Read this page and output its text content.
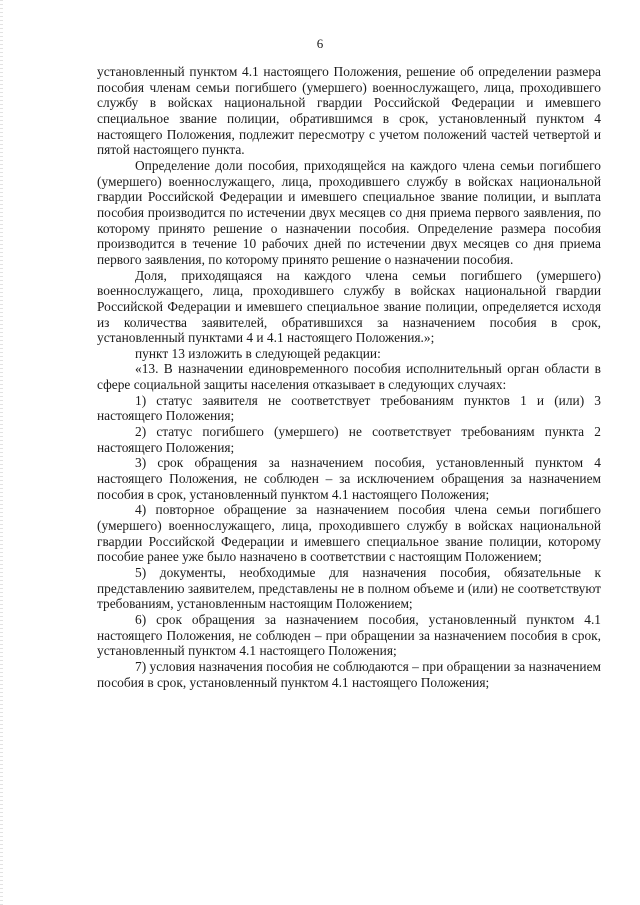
6

установленный пунктом 4.1 настоящего Положения, решение об определении размера пособия членам семьи погибшего (умершего) военнослужащего, лица, проходившего службу в войсках национальной гвардии Российской Федерации и имевшего специальное звание полиции, обратившимся в срок, установленный пунктом 4 настоящего Положения, подлежит пересмотру с учетом положений частей четвертой и пятой настоящего пункта.

Определение доли пособия, приходящейся на каждого члена семьи погибшего (умершего) военнослужащего, лица, проходившего службу в войсках национальной гвардии Российской Федерации и имевшего специальное звание полиции, и выплата пособия производится по истечении двух месяцев со дня приема первого заявления, по которому принято решение о назначении пособия. Определение размера пособия производится в течение 10 рабочих дней по истечении двух месяцев со дня приема первого заявления, по которому принято решение о назначении пособия.

Доля, приходящаяся на каждого члена семьи погибшего (умершего) военнослужащего, лица, проходившего службу в войсках национальной гвардии Российской Федерации и имевшего специальное звание полиции, определяется исходя из количества заявителей, обратившихся за назначением пособия в срок, установленный пунктами 4 и 4.1 настоящего Положения.»;

пункт 13 изложить в следующей редакции:

«13. В назначении единовременного пособия исполнительный орган области в сфере социальной защиты населения отказывает в следующих случаях:

1) статус заявителя не соответствует требованиям пунктов 1 и (или) 3 настоящего Положения;

2) статус погибшего (умершего) не соответствует требованиям пункта 2 настоящего Положения;

3) срок обращения за назначением пособия, установленный пунктом 4 настоящего Положения, не соблюден – за исключением обращения за назначением пособия в срок, установленный пунктом 4.1 настоящего Положения;

4) повторное обращение за назначением пособия члена семьи погибшего (умершего) военнослужащего, лица, проходившего службу в войсках национальной гвардии Российской Федерации и имевшего специальное звание полиции, которому пособие ранее уже было назначено в соответствии с настоящим Положением;

5) документы, необходимые для назначения пособия, обязательные к представлению заявителем, представлены не в полном объеме и (или) не соответствуют требованиям, установленным настоящим Положением;

6) срок обращения за назначением пособия, установленный пунктом 4.1 настоящего Положения, не соблюден – при обращении за назначением пособия в срок, установленный пунктом 4.1 настоящего Положения;

7) условия назначения пособия не соблюдаются – при обращении за назначением пособия в срок, установленный пунктом 4.1 настоящего Положения;
